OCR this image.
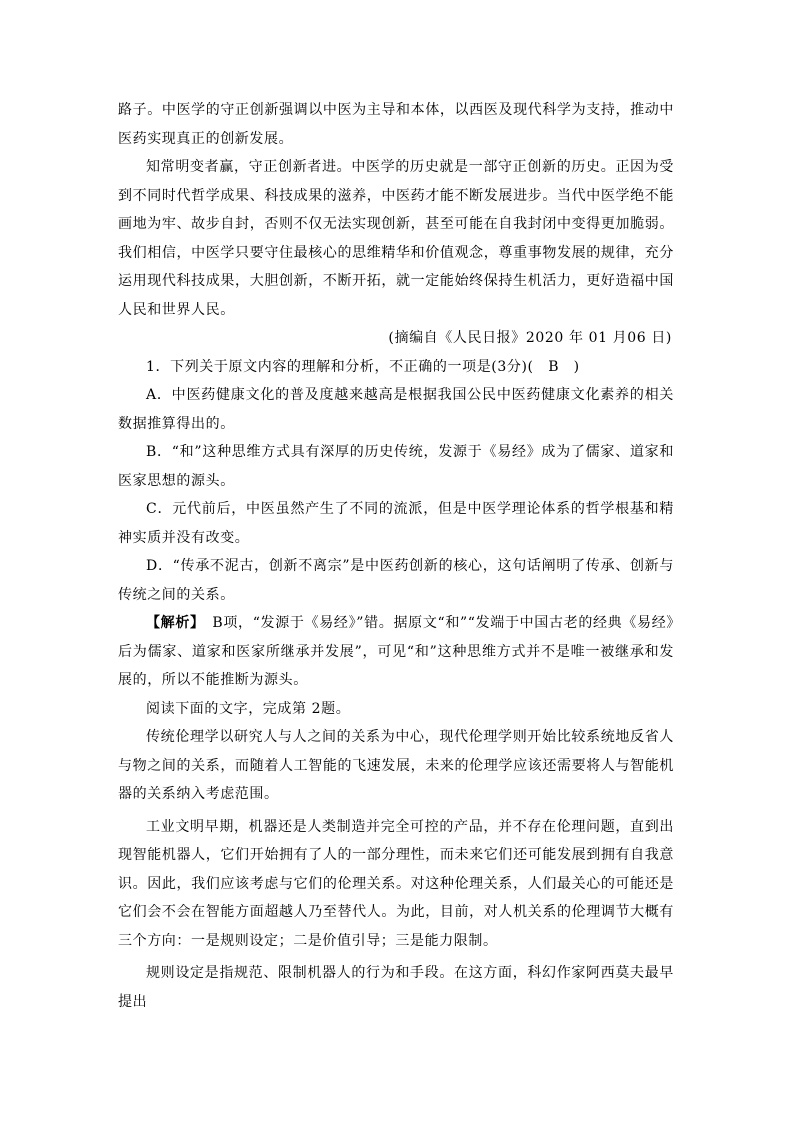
路子。中医学的守正创新强调以中医为主导和本体，以西医及现代科学为支持，推动中医药实现真正的创新发展。

知常明变者赢，守正创新者进。中医学的历史就是一部守正创新的历史。正因为受到不同时代哲学成果、科技成果的滋养，中医药才能不断发展进步。当代中医学绝不能画地为牢、故步自封，否则不仅无法实现创新，甚至可能在自我封闭中变得更加脆弱。我们相信，中医学只要守住最核心的思维精华和价值观念，尊重事物发展的规律，充分运用现代科技成果，大胆创新，不断开拓，就一定能始终保持生机活力，更好造福中国人民和世界人民。

(摘编自《人民日报》2020 年 01 月06 日)

1．下列关于原文内容的理解和分析，不正确的一项是(3分)(　B　)

A．中医药健康文化的普及度越来越高是根据我国公民中医药健康文化素养的相关数据推算得出的。

B．“和”这种思维方式具有深厚的历史传统，发源于《易经》成为了儒家、道家和医家思想的源头。

C．元代前后，中医虽然产生了不同的流派，但是中医学理论体系的哲学根基和精神实质并没有改变。

D．“传承不泥古，创新不离宗”是中医药创新的核心，这句话阐明了传承、创新与传统之间的关系。

【解析】　B项，“发源于《易经》”错。据原文“和”“发端于中国古老的经典《易经》后为儒家、道家和医家所继承并发展”，可见“和”这种思维方式并不是唯一被继承和发展的，所以不能推断为源头。

阅读下面的文字，完成第 2题。

传统伦理学以研究人与人之间的关系为中心，现代伦理学则开始比较系统地反省人与物之间的关系，而随着人工智能的飞速发展，未来的伦理学应该还需要将人与智能机器的关系纳入考虑范围。

工业文明早期，机器还是人类制造并完全可控的产品，并不存在伦理问题，直到出现智能机器人，它们开始拥有了人的一部分理性，而未来它们还可能发展到拥有自我意识。因此，我们应该考虑与它们的伦理关系。对这种伦理关系，人们最关心的可能还是它们会不会在智能方面超越人乃至替代人。为此，目前，对人机关系的伦理调节大概有三个方向：一是规则设定；二是价值引导；三是能力限制。

规则设定是指规范、限制机器人的行为和手段。在这方面，科幻作家阿西莫夫最早提出
